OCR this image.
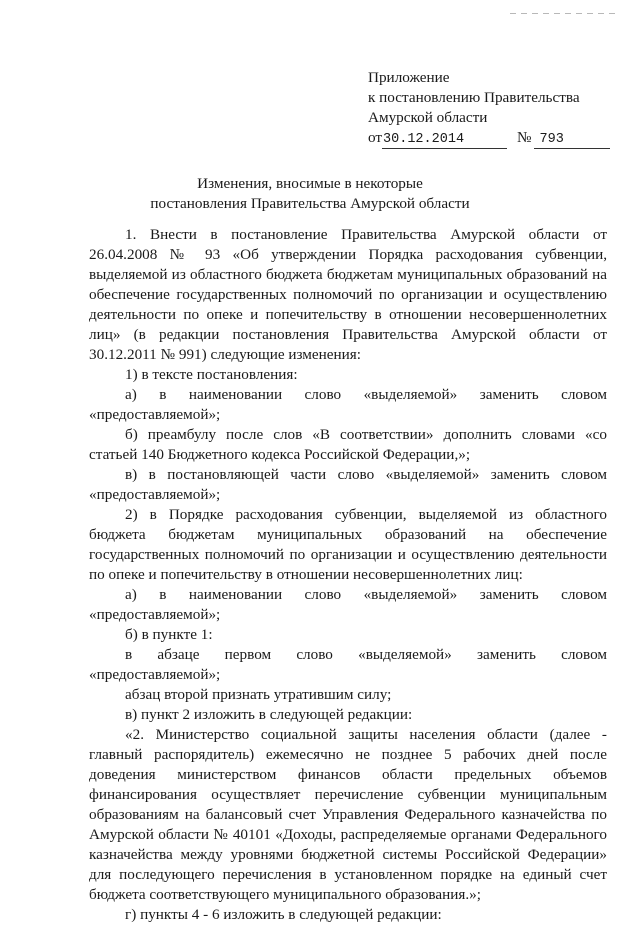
Приложение
к постановлению Правительства
Амурской области
от30.12.2014	№ 793
Изменения, вносимые в некоторые
постановления Правительства Амурской области

1. Внести в постановление Правительства Амурской области от 26.04.2008 № 93 «Об утверждении Порядка расходования субвенции, выделяемой из областного бюджета бюджетам муниципальных образований на обеспечение государственных полномочий по организации и осуществлению деятельности по опеке и попечительству в отношении несовершеннолетних лиц» (в редакции постановления Правительства Амурской области от 30.12.2011 № 991) следующие изменения:

1) в тексте постановления:

а) в наименовании слово «выделяемой» заменить словом «предоставляемой»;

б) преамбулу после слов «В соответствии» дополнить словами «со статьей 140 Бюджетного кодекса Российской Федерации,»;

в) в постановляющей части слово «выделяемой» заменить словом «предоставляемой»;

2) в Порядке расходования субвенции, выделяемой из областного бюджета бюджетам муниципальных образований на обеспечение государственных полномочий по организации и осуществлению деятельности по опеке и попечительству в отношении несовершеннолетних лиц:

а) в наименовании слово «выделяемой» заменить словом «предоставляемой»;

б) в пункте 1:

в абзаце первом слово «выделяемой» заменить словом «предоставляемой»;

абзац второй признать утратившим силу;

в) пункт 2 изложить в следующей редакции:

«2. Министерство социальной защиты населения области (далее - главный распорядитель) ежемесячно не позднее 5 рабочих дней после доведения министерством финансов области предельных объемов финансирования осуществляет перечисление субвенции муниципальным образованиям на балансовый счет Управления Федерального казначейства по Амурской области № 40101 «Доходы, распределяемые органами Федерального казначейства между уровнями бюджетной системы Российской Федерации» для последующего перечисления в установленном порядке на единый счет бюджета соответствующего муниципального образования.»;

г) пункты 4 - 6 изложить в следующей редакции:
